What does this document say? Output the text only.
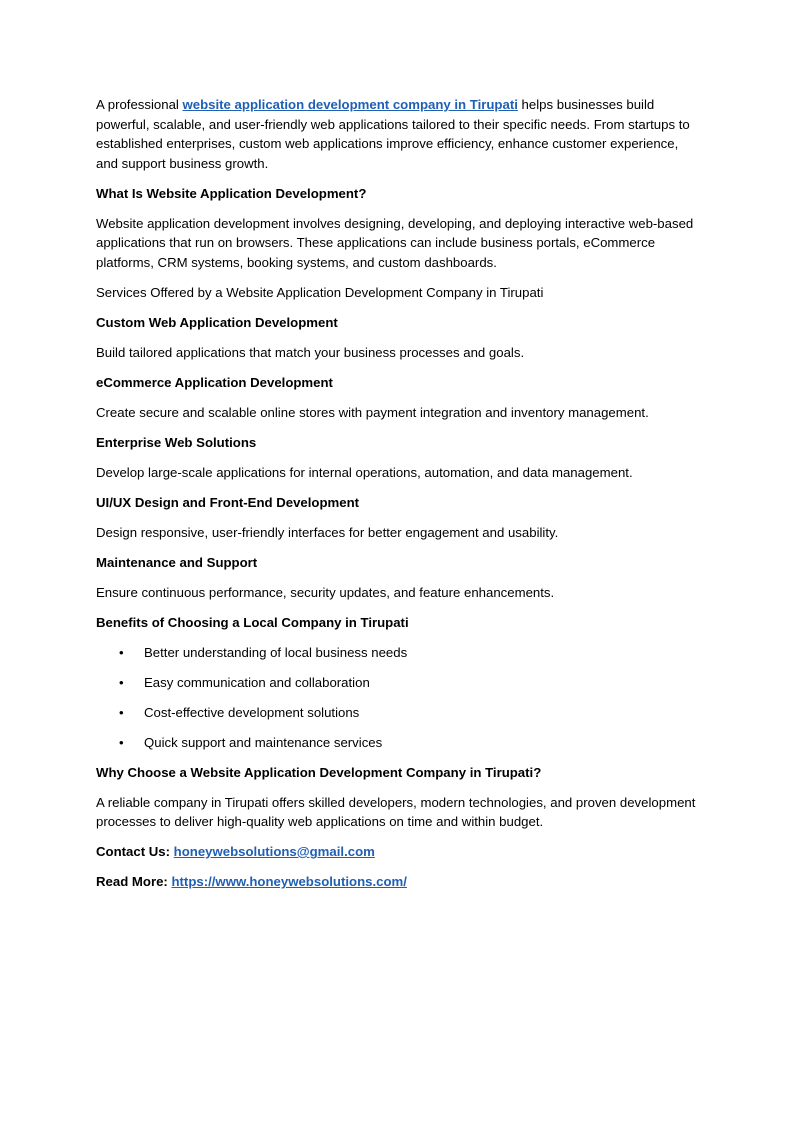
A professional website application development company in Tirupati helps businesses build powerful, scalable, and user-friendly web applications tailored to their specific needs. From startups to established enterprises, custom web applications improve efficiency, enhance customer experience, and support business growth.

What Is Website Application Development?

Website application development involves designing, developing, and deploying interactive web-based applications that run on browsers. These applications can include business portals, eCommerce platforms, CRM systems, booking systems, and custom dashboards.

Services Offered by a Website Application Development Company in Tirupati

Custom Web Application Development

Build tailored applications that match your business processes and goals.

eCommerce Application Development

Create secure and scalable online stores with payment integration and inventory management.

Enterprise Web Solutions

Develop large-scale applications for internal operations, automation, and data management.

UI/UX Design and Front-End Development

Design responsive, user-friendly interfaces for better engagement and usability.

Maintenance and Support

Ensure continuous performance, security updates, and feature enhancements.

Benefits of Choosing a Local Company in Tirupati

• Better understanding of local business needs
• Easy communication and collaboration
• Cost-effective development solutions
• Quick support and maintenance services

Why Choose a Website Application Development Company in Tirupati?

A reliable company in Tirupati offers skilled developers, modern technologies, and proven development processes to deliver high-quality web applications on time and within budget.

Contact Us: honeywebsolutions@gmail.com

Read More: https://www.honeywebsolutions.com/
